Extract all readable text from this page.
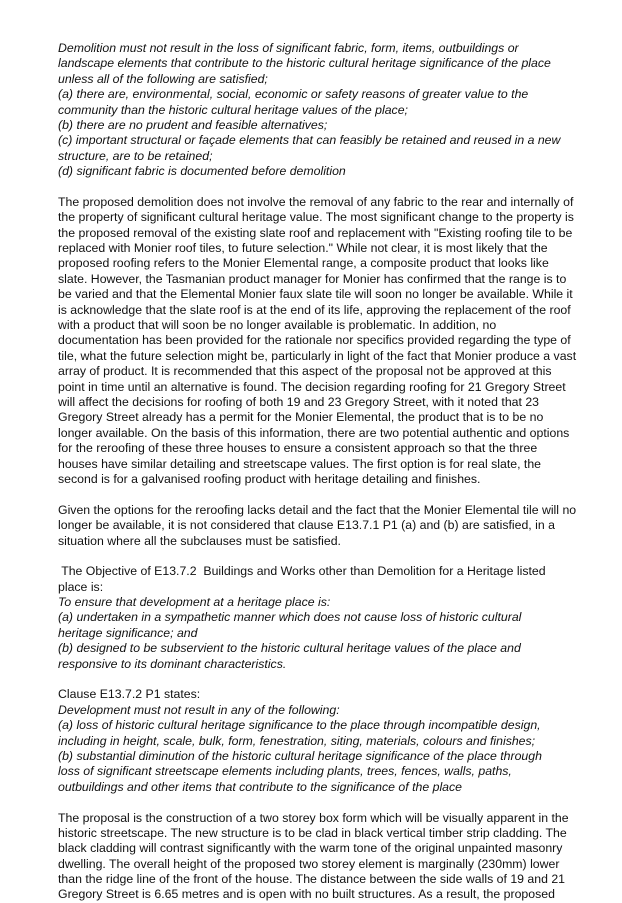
Demolition must not result in the loss of significant fabric, form, items, outbuildings or
landscape elements that contribute to the historic cultural heritage significance of the place
unless all of the following are satisfied;
(a) there are, environmental, social, economic or safety reasons of greater value to the
community than the historic cultural heritage values of the place;
(b) there are no prudent and feasible alternatives;
(c) important structural or façade elements that can feasibly be retained and reused in a new
structure, are to be retained;
(d) significant fabric is documented before demolition
The proposed demolition does not involve the removal of any fabric to the rear and internally of
the property of significant cultural heritage value. The most significant change to the property is
the proposed removal of the existing slate roof and replacement with "Existing roofing tile to be
replaced with Monier roof tiles, to future selection." While not clear, it is most likely that the
proposed roofing refers to the Monier Elemental range, a composite product that looks like
slate. However, the Tasmanian product manager for Monier has confirmed that the range is to
be varied and that the Elemental Monier faux slate tile will soon no longer be available. While it
is acknowledge that the slate roof is at the end of its life, approving the replacement of the roof
with a product that will soon be no longer available is problematic. In addition, no
documentation has been provided for the rationale nor specifics provided regarding the type of
tile, what the future selection might be, particularly in light of the fact that Monier produce a vast
array of product. It is recommended that this aspect of the proposal not be approved at this
point in time until an alternative is found. The decision regarding roofing for 21 Gregory Street
will affect the decisions for roofing of both 19 and 23 Gregory Street, with it noted that 23
Gregory Street already has a permit for the Monier Elemental, the product that is to be no
longer available. On the basis of this information, there are two potential authentic and options
for the reroofing of these three houses to ensure a consistent approach so that the three
houses have similar detailing and streetscape values. The first option is for real slate, the
second is for a galvanised roofing product with heritage detailing and finishes.
Given the options for the reroofing lacks detail and the fact that the Monier Elemental tile will no
longer be available, it is not considered that clause E13.7.1 P1 (a) and (b) are satisfied, in a
situation where all the subclauses must be satisfied.
The Objective of E13.7.2  Buildings and Works other than Demolition for a Heritage listed
place is:
To ensure that development at a heritage place is:
(a) undertaken in a sympathetic manner which does not cause loss of historic cultural
heritage significance; and
(b) designed to be subservient to the historic cultural heritage values of the place and
responsive to its dominant characteristics.
Clause E13.7.2 P1 states:
Development must not result in any of the following:
(a) loss of historic cultural heritage significance to the place through incompatible design,
including in height, scale, bulk, form, fenestration, siting, materials, colours and finishes;
(b) substantial diminution of the historic cultural heritage significance of the place through
loss of significant streetscape elements including plants, trees, fences, walls, paths,
outbuildings and other items that contribute to the significance of the place
The proposal is the construction of a two storey box form which will be visually apparent in the
historic streetscape. The new structure is to be clad in black vertical timber strip cladding. The
black cladding will contrast significantly with the warm tone of the original unpainted masonry
dwelling. The overall height of the proposed two storey element is marginally (230mm) lower
than the ridge line of the front of the house. The distance between the side walls of 19 and 21
Gregory Street is 6.65 metres and is open with no built structures. As a result, the proposed
